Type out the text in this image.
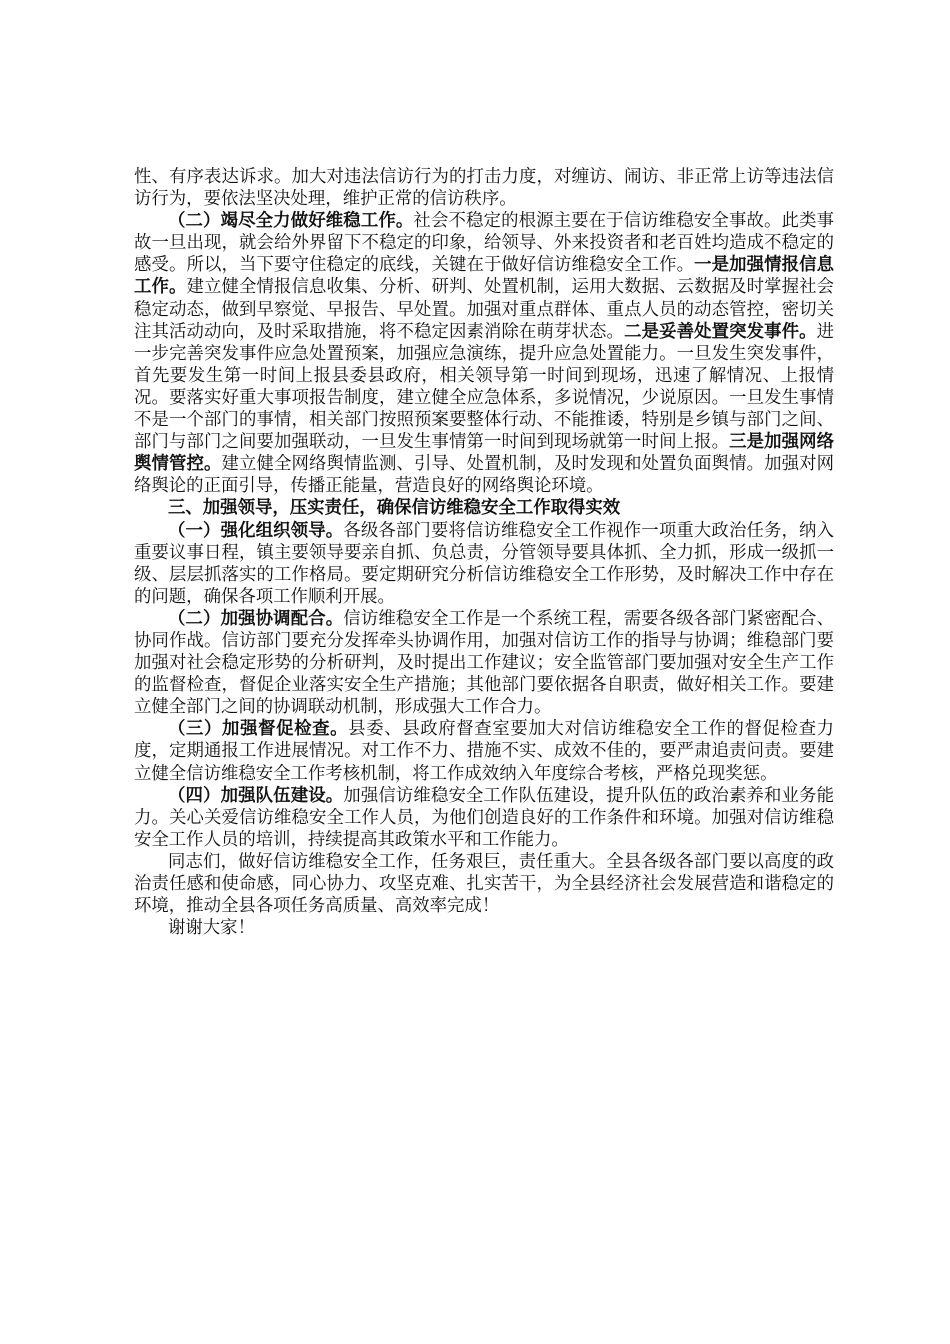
性、有序表达诉求。加大对违法信访行为的打击力度，对缠访、闹访、非正常上访等违法信访行为，要依法坚决处理，维护正常的信访秩序。

（二）竭尽全力做好维稳工作。社会不稳定的根源主要在于信访维稳安全事故。此类事故一旦出现，就会给外界留下不稳定的印象，给领导、外来投资者和老百姓均造成不稳定的感受。所以，当下要守住稳定的底线，关键在于做好信访维稳安全工作。一是加强情报信息工作。建立健全情报信息收集、分析、研判、处置机制，运用大数据、云数据及时掌握社会稳定动态，做到早察觉、早报告、早处置。加强对重点群体、重点人员的动态管控，密切关注其活动动向，及时采取措施，将不稳定因素消除在萌芽状态。二是妥善处置突发事件。进一步完善突发事件应急处置预案，加强应急演练，提升应急处置能力。一旦发生突发事件，首先要发生第一时间上报县委县政府，相关领导第一时间到现场，迅速了解情况、上报情况。要落实好重大事项报告制度，建立健全应急体系，多说情况，少说原因。一旦发生事情不是一个部门的事情，相关部门按照预案要整体行动、不能推诿，特别是乡镇与部门之间、部门与部门之间要加强联动，一旦发生事情第一时间到现场就第一时间上报。三是加强网络舆情管控。建立健全网络舆情监测、引导、处置机制，及时发现和处置负面舆情。加强对网络舆论的正面引导，传播正能量，营造良好的网络舆论环境。

三、加强领导，压实责任，确保信访维稳安全工作取得实效

（一）强化组织领导。各级各部门要将信访维稳安全工作视作一项重大政治任务，纳入重要议事日程，镇主要领导要亲自抓、负总责，分管领导要具体抓、全力抓，形成一级抓一级、层层抓落实的工作格局。要定期研究分析信访维稳安全工作形势，及时解决工作中存在的问题，确保各项工作顺利开展。

（二）加强协调配合。信访维稳安全工作是一个系统工程，需要各级各部门紧密配合、协同作战。信访部门要充分发挥牵头协调作用，加强对信访工作的指导与协调；维稳部门要加强对社会稳定形势的分析研判，及时提出工作建议；安全监管部门要加强对安全生产工作的监督检查，督促企业落实安全生产措施；其他部门要依据各自职责，做好相关工作。要建立健全部门之间的协调联动机制，形成强大工作合力。

（三）加强督促检查。县委、县政府督查室要加大对信访维稳安全工作的督促检查力度，定期通报工作进展情况。对工作不力、措施不实、成效不佳的，要严肃追责问责。要建立健全信访维稳安全工作考核机制，将工作成效纳入年度综合考核，严格兑现奖惩。

（四）加强队伍建设。加强信访维稳安全工作队伍建设，提升队伍的政治素养和业务能力。关心关爱信访维稳安全工作人员，为他们创造良好的工作条件和环境。加强对信访维稳安全工作人员的培训，持续提高其政策水平和工作能力。

同志们，做好信访维稳安全工作，任务艰巨，责任重大。全县各级各部门要以高度的政治责任感和使命感，同心协力、攻坚克难、扎实苦干，为全县经济社会发展营造和谐稳定的环境，推动全县各项任务高质量、高效率完成！

谢谢大家！
